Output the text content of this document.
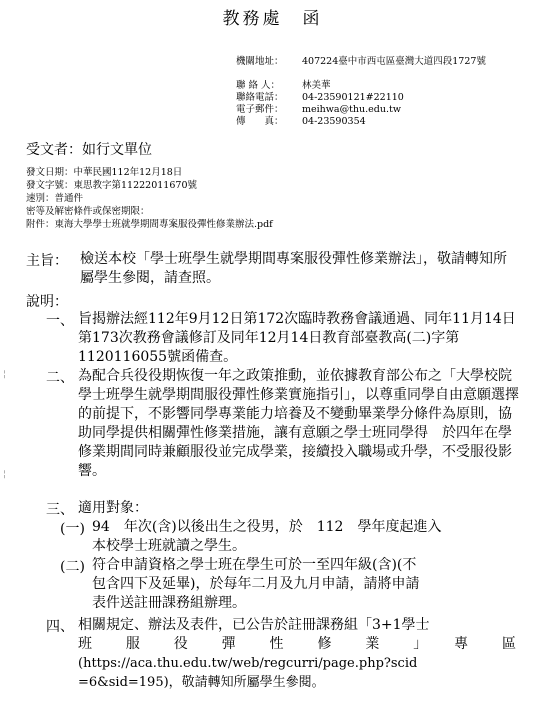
教務處　函
機關地址：	407224臺中市西屯區臺灣大道四段1727號
聯 絡 人：	林美華
聯絡電話：	04-23590121#22110
電子郵件：	meihwa@thu.edu.tw
傳　　真：	04-23590354
受文者：如行文單位
發文日期：中華民國112年12月18日
發文字號：東思教字第11222011670號
速別：普通件
密等及解密條件或保密期限：
附件：東海大學學士班就學期間專案服役彈性修業辦法.pdf
主旨： 檢送本校「學士班學生就學期間專案服役彈性修業辦法」，敬請轉知所屬學生參閱，請查照。
說明：
一、 旨揭辦法經112年9月12日第172次臨時教務會議通過、同年11月14日第173次教務會議修訂及同年12月14日教育部臺教高(二)字第1120116055號函備查。
二、 為配合兵役役期恢復一年之政策推動，並依據教育部公布之「大學校院學士班學生就學期間服役彈性修業實施指引」，以尊重同學自由意願選擇的前提下，不影響同學專業能力培養及不變動畢業學分條件為原則，協助同學提供相關彈性修業措施，讓有意願之學士班同學得　於四年在學修業期間同時兼顧服役並完成學業，接續投入職場或升學，不受服役影響。
三、 適用對象：
(一) 94　年次(含)以後出生之役男，於　112　學年度起進入
本校學士班就讀之學生。
(二) 符合申請資格之學士班在學生可於一至四年級(含)(不
包含四下及延畢)，於每年二月及九月申請，請將申請
表件送註冊課務組辦理。
四、 相關規定、辦法及表件，已公告於註冊課務組「3+1學士
班　服　役　彈　性　修　業　」　專　區
(https://aca.thu.edu.tw/web/regcurri/page.php?scid
=6&sid=195)，敬請轉知所屬學生參閱。
╎
╎
